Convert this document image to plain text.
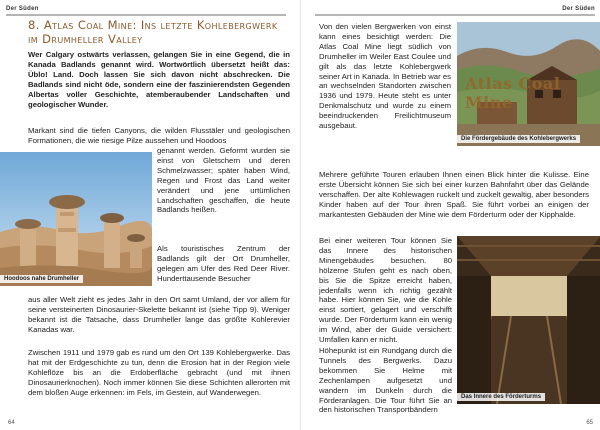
Der Süden
8. Atlas Coal Mine: Ins letzte Kohlebergwerk im Drumheller Valley

Wer Calgary ostwärts verlassen, gelangen Sie in eine Gegend, die in Kanada Badlands genannt wird. Wortwörtlich übersetzt heißt das: Üblo! Land. Doch lassen Sie sich davon nicht abschrecken. Die Badlands sind nicht öde, sondern eine der faszinierendsten Gegenden Albertas voller Geschichte, atemberaubender Landschaften und geologischer Wunder.

Markant sind die tiefen Canyons, die wilden Flusstäler und geologischen Formationen, die wie riesige Pilze aussehen und Hoodoos

genannt werden. Geformt wurden sie einst von Gletschern und deren Schmelzwasser; später haben Wind, Regen und Frost das Land weiter verändert und jene urtümlichen Landschaften geschaffen, die heute Badlands heißen.

Als touristisches Zentrum der Badlands gilt der Ort Drumheller, gelegen am Ufer des Red Deer River. Hunderttausende Besucher

aus aller Welt zieht es jedes Jahr in den Ort samt Umland, der vor allem für seine versteinerten Dinosaurier-Skelette bekannt ist (siehe Tipp 9). Weniger bekannt ist die Tatsache, dass Drumheller lange das größte Kohlerevier Kanadas war.

Zwischen 1911 und 1979 gab es rund um den Ort 139 Kohlebergwerke. Das hat mit der Erdgeschichte zu tun, denn die Erosion hat in der Region viele Kohleflöze bis an die Erdoberfläche gebracht (und mit ihnen Dinosaurierknochen). Noch immer können Sie diese Schichten allerorten mit dem bloßen Auge erkennen: im Fels, im Gestein, auf Wanderwegen.

Hoodoos nahe Drumheller
64
Der Süden

Von den vielen Bergwerken von einst kann eines besichtigt werden: Die Atlas Coal Mine liegt südlich von Drumheller im Weiler East Coulee und gilt als das letzte Kohlebergwerk seiner Art in Kanada. In Betrieb war es an wechselnden Standorten zwischen 1936 und 1979. Heute steht es unter Denkmalschutz und wurde zu einem beeindruckenden Freilichtmuseum ausgebaut.

Mehrere geführte Touren erlauben Ihnen einen Blick hinter die Kulisse. Eine erste Übersicht können Sie sich bei einer kurzen Bahnfahrt über das Gelände verschaffen. Der alte Kohlewagen ruckelt und zuckelt gewaltig, aber besonders Kinder haben auf der Tour ihren Spaß. Sie führt vorbei an einigen der markantesten Gebäuden der Mine wie dem Förderturm oder der Kipphalde.

Bei einer weiteren Tour können Sie das Innere des historischen Minengebäudes besuchen. 80 hölzerne Stufen geht es nach oben, bis Sie die Spitze erreicht haben, jedenfalls wenn ich richtig gezählt habe. Hier können Sie, wie die Kohle einst sortiert, gelagert und verschifft wurde. Der Förderturm kann ein wenig im Wind, aber der Guide versichert: Umfallen kann er nicht.

Höhepunkt ist ein Rundgang durch die Tunnels des Bergwerks. Dazu bekommen Sie Helme mit Zechenlampen aufgesetzt und wandern im Dunkeln durch die Förderanlagen. Die Tour führt Sie an den historischen Transportbändern

Atlas Coal Mine
Die Fördergebäude des Kohlebergwerks
Das Innere des Förderturms
65
